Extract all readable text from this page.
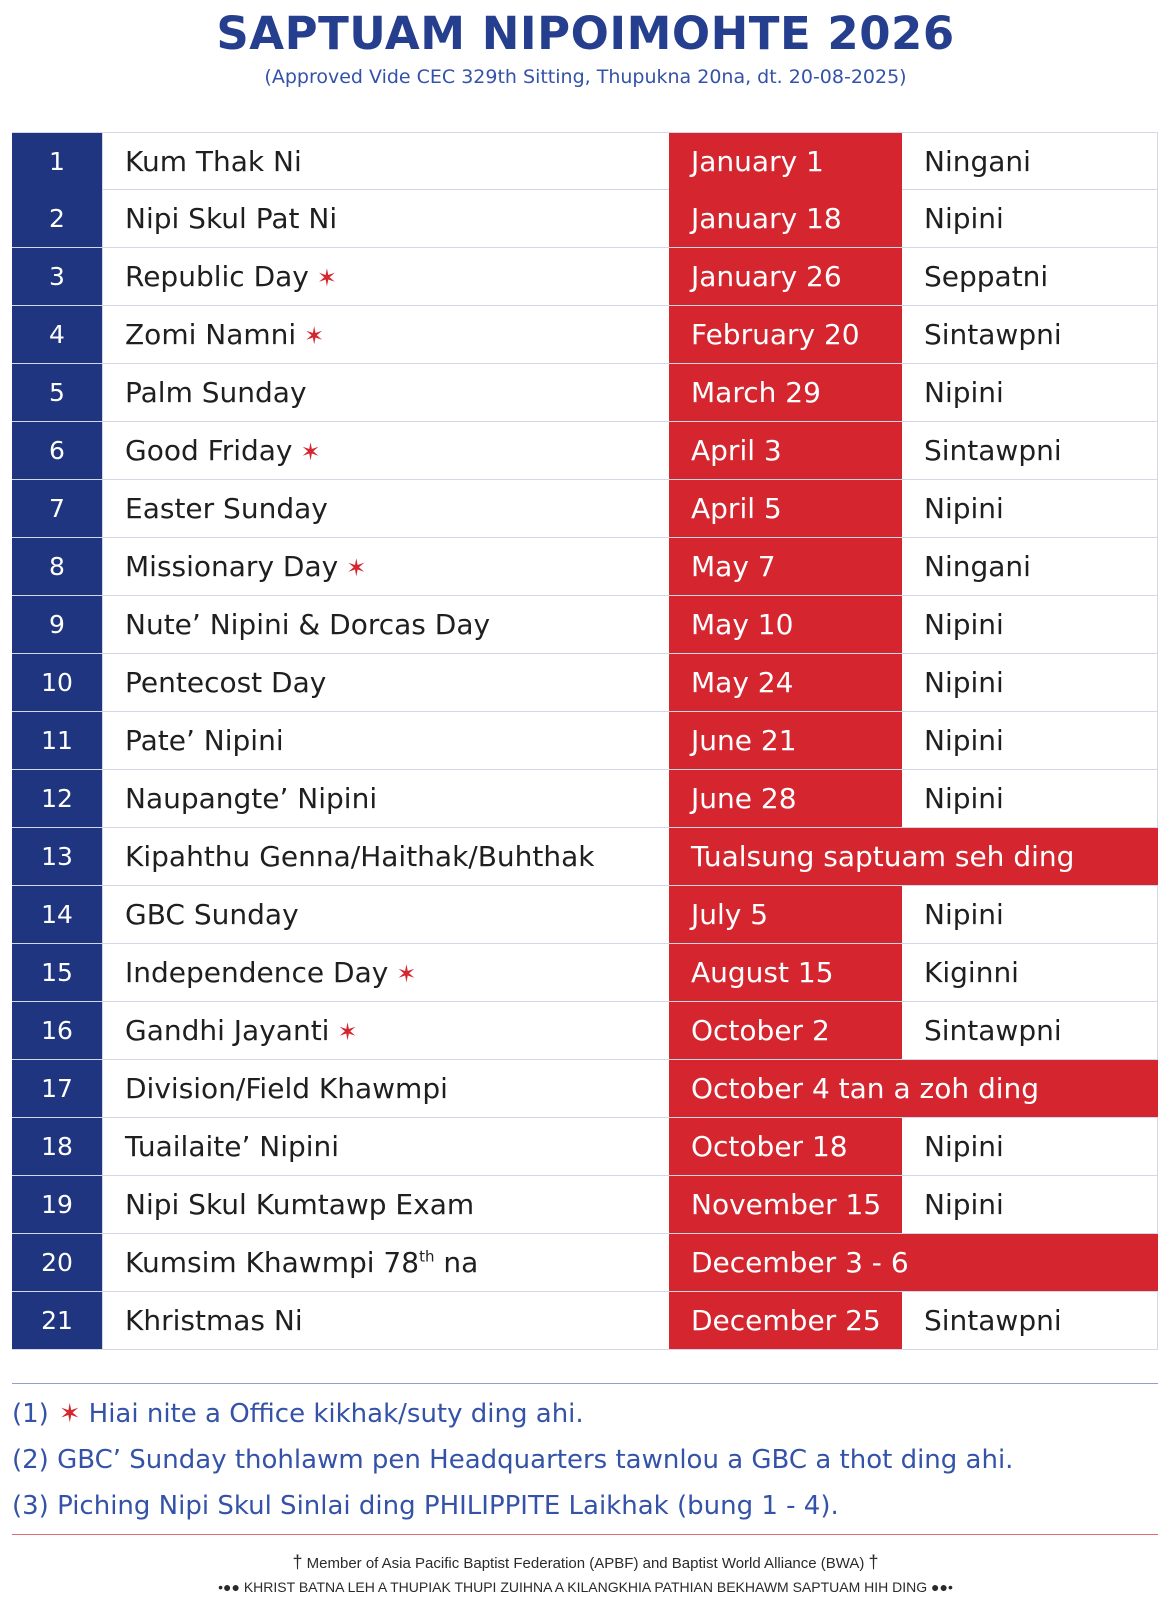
SAPTUAM NIPOIMOHTE 2026
(Approved Vide CEC 329th Sitting, Thupukna 20na, dt. 20-08-2025)
1	Kum Thak Ni	January 1	Ningani
2	Nipi Skul Pat Ni	January 18	Nipini
3	Republic Day ✶	January 26	Seppatni
4	Zomi Namni ✶	February 20	Sintawpni
5	Palm Sunday	March 29	Nipini
6	Good Friday ✶	April 3	Sintawpni
7	Easter Sunday	April 5	Nipini
8	Missionary Day ✶	May 7	Ningani
9	Nute’ Nipini & Dorcas Day	May 10	Nipini
10	Pentecost Day	May 24	Nipini
11	Pate’ Nipini	June 21	Nipini
12	Naupangte’ Nipini	June 28	Nipini
13	Kipahthu Genna/Haithak/Buhthak	Tualsung saptuam seh ding
14	GBC Sunday	July 5	Nipini
15	Independence Day ✶	August 15	Kiginni
16	Gandhi Jayanti ✶	October 2	Sintawpni
17	Division/Field Khawmpi	October 4 tan a zoh ding
18	Tuailaite’ Nipini	October 18	Nipini
19	Nipi Skul Kumtawp Exam	November 15	Nipini
20	Kumsim Khawmpi 78th na	December 3 - 6
21	Khristmas Ni	December 25	Sintawpni
(1) ✶ Hiai nite a Office kikhak/suty ding ahi.
(2) GBC’ Sunday thohlawm pen Headquarters tawnlou a GBC a thot ding ahi.
(3) Piching Nipi Skul Sinlai ding PHILIPPITE Laikhak (bung 1 - 4).
† Member of Asia Pacific Baptist Federation (APBF) and Baptist World Alliance (BWA) †
•●● KHRIST BATNA LEH A THUPIAK THUPI ZUIHNA A KILANGKHIA PATHIAN BEKHAWM SAPTUAM HIH DING ●●•
